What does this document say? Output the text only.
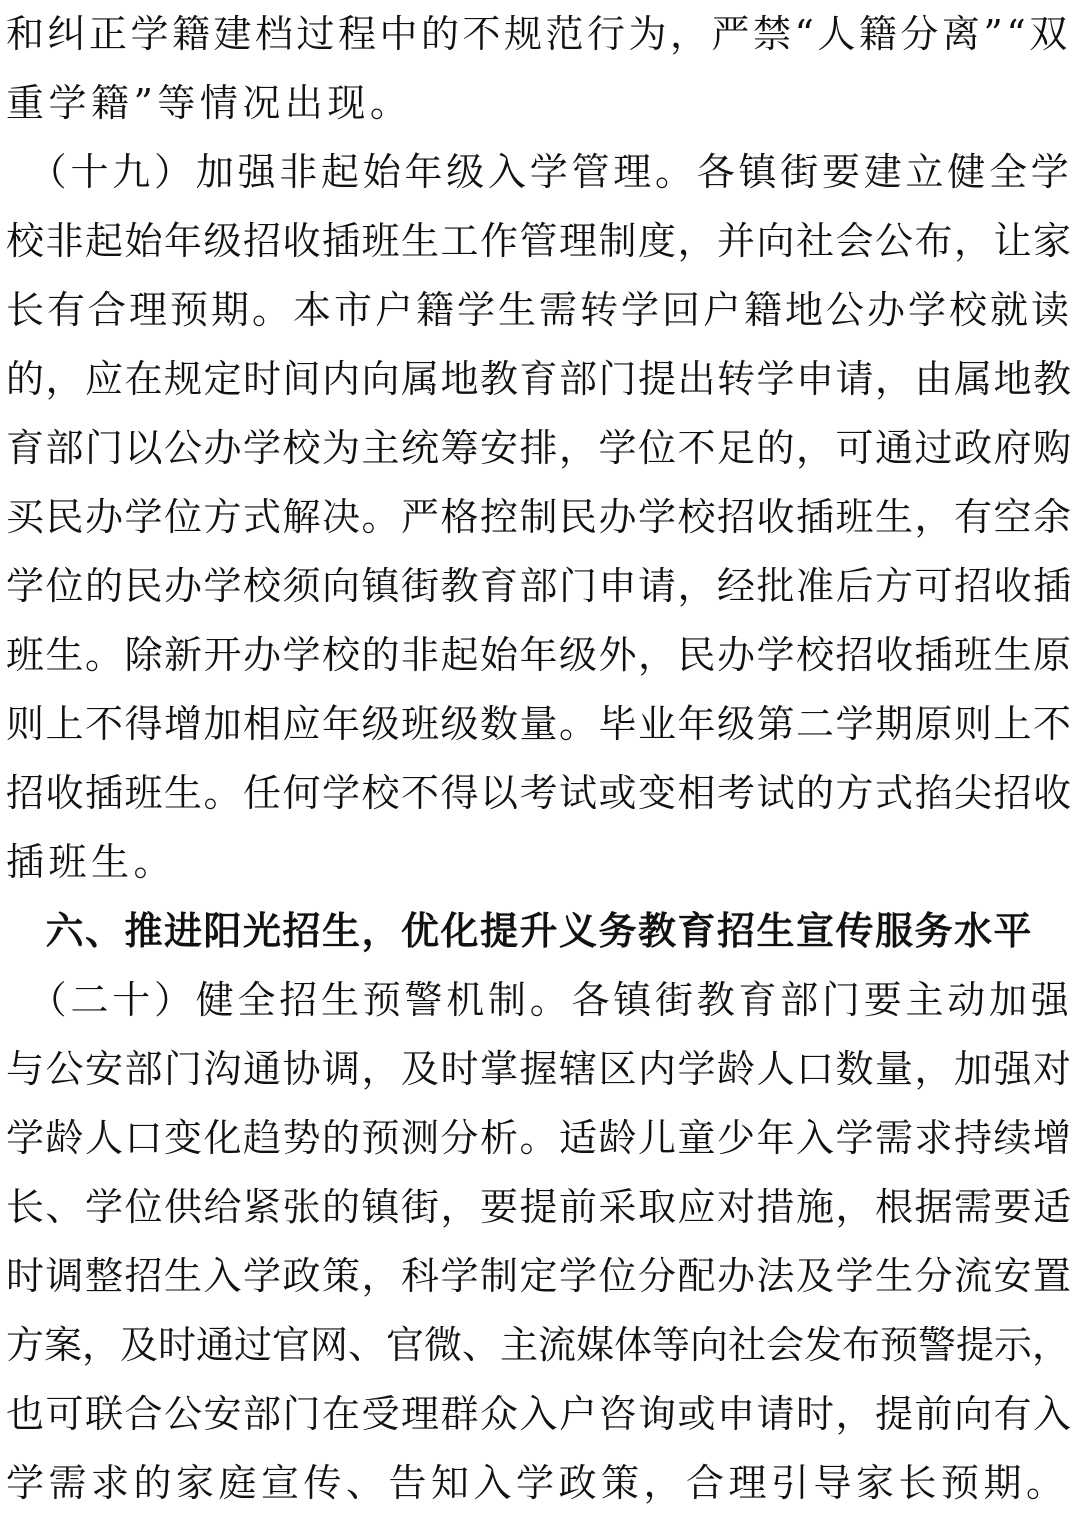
和纠正学籍建档过程中的不规范行为，严禁“人籍分离”“双
重学籍”等情况出现。
　（十九）加强非起始年级入学管理。各镇街要建立健全学
校非起始年级招收插班生工作管理制度，并向社会公布，让家
长有合理预期。本市户籍学生需转学回户籍地公办学校就读
的，应在规定时间内向属地教育部门提出转学申请，由属地教
育部门以公办学校为主统筹安排，学位不足的，可通过政府购
买民办学位方式解决。严格控制民办学校招收插班生，有空余
学位的民办学校须向镇街教育部门申请，经批准后方可招收插
班生。除新开办学校的非起始年级外，民办学校招收插班生原
则上不得增加相应年级班级数量。毕业年级第二学期原则上不
招收插班生。任何学校不得以考试或变相考试的方式掐尖招收
插班生。
　六、推进阳光招生，优化提升义务教育招生宣传服务水平
　（二十）健全招生预警机制。各镇街教育部门要主动加强
与公安部门沟通协调，及时掌握辖区内学龄人口数量，加强对
学龄人口变化趋势的预测分析。适龄儿童少年入学需求持续增
长、学位供给紧张的镇街，要提前采取应对措施，根据需要适
时调整招生入学政策，科学制定学位分配办法及学生分流安置
方案，及时通过官网、官微、主流媒体等向社会发布预警提示，
也可联合公安部门在受理群众入户咨询或申请时，提前向有入
学需求的家庭宣传、告知入学政策，合理引导家长预期。
